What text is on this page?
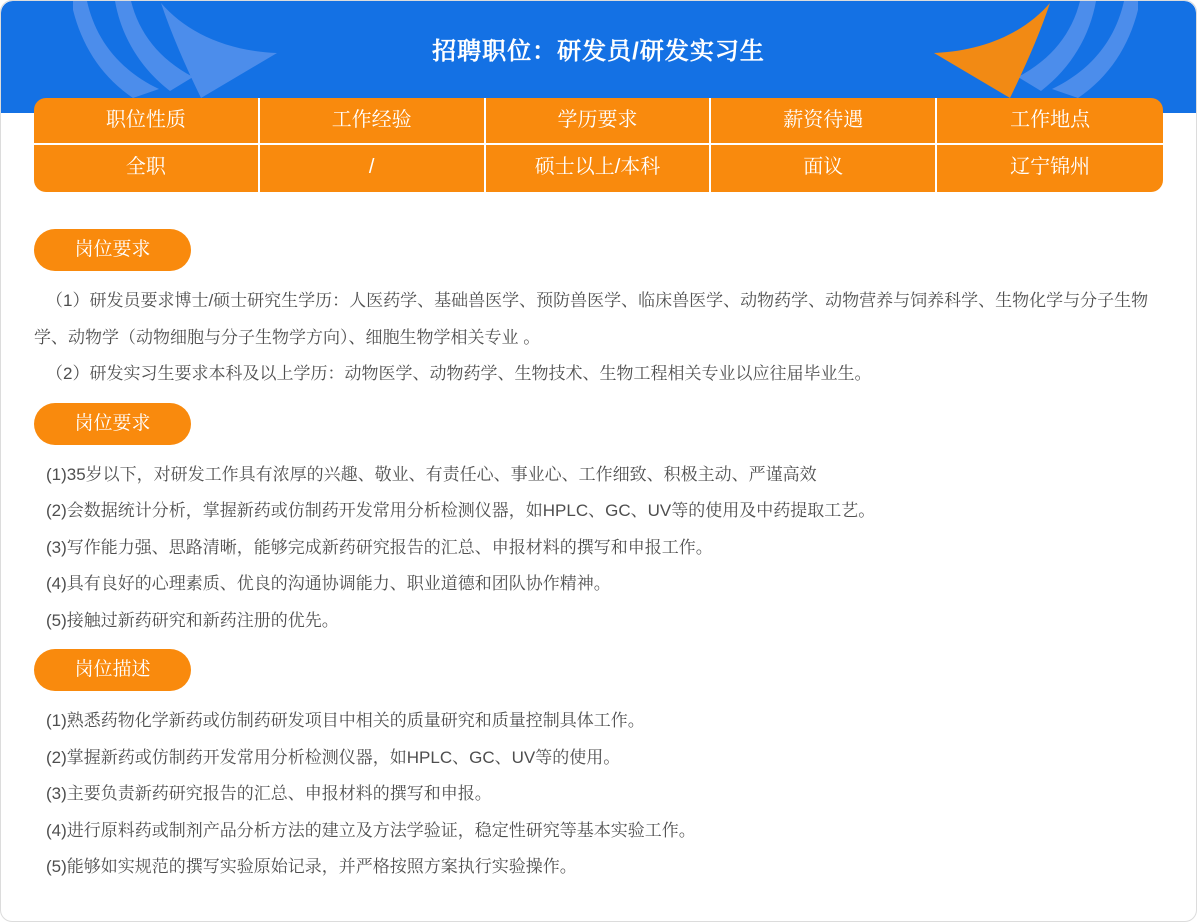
招聘职位：研发员/研发实习生
职位性质	工作经验	学历要求	薪资待遇	工作地点
全职	/	硕士以上/本科	面议	辽宁锦州
岗位要求

（1）研发员要求博士/硕士研究生学历：人医药学、基础兽医学、预防兽医学、临床兽医学、动物药学、动物营养与饲养科学、生物化学与分子生物学、动物学（动物细胞与分子生物学方向）、细胞生物学相关专业 。

（2）研发实习生要求本科及以上学历：动物医学、动物药学、生物技术、生物工程相关专业以应往届毕业生。

岗位要求

(1)35岁以下，对研发工作具有浓厚的兴趣、敬业、有责任心、事业心、工作细致、积极主动、严谨高效

(2)会数据统计分析，掌握新药或仿制药开发常用分析检测仪器，如HPLC、GC、UV等的使用及中药提取工艺。

(3)写作能力强、思路清晰，能够完成新药研究报告的汇总、申报材料的撰写和申报工作。

(4)具有良好的心理素质、优良的沟通协调能力、职业道德和团队协作精神。

(5)接触过新药研究和新药注册的优先。

岗位描述

(1)熟悉药物化学新药或仿制药研发项目中相关的质量研究和质量控制具体工作。

(2)掌握新药或仿制药开发常用分析检测仪器，如HPLC、GC、UV等的使用。

(3)主要负责新药研究报告的汇总、申报材料的撰写和申报。

(4)进行原料药或制剂产品分析方法的建立及方法学验证，稳定性研究等基本实验工作。

(5)能够如实规范的撰写实验原始记录，并严格按照方案执行实验操作。
